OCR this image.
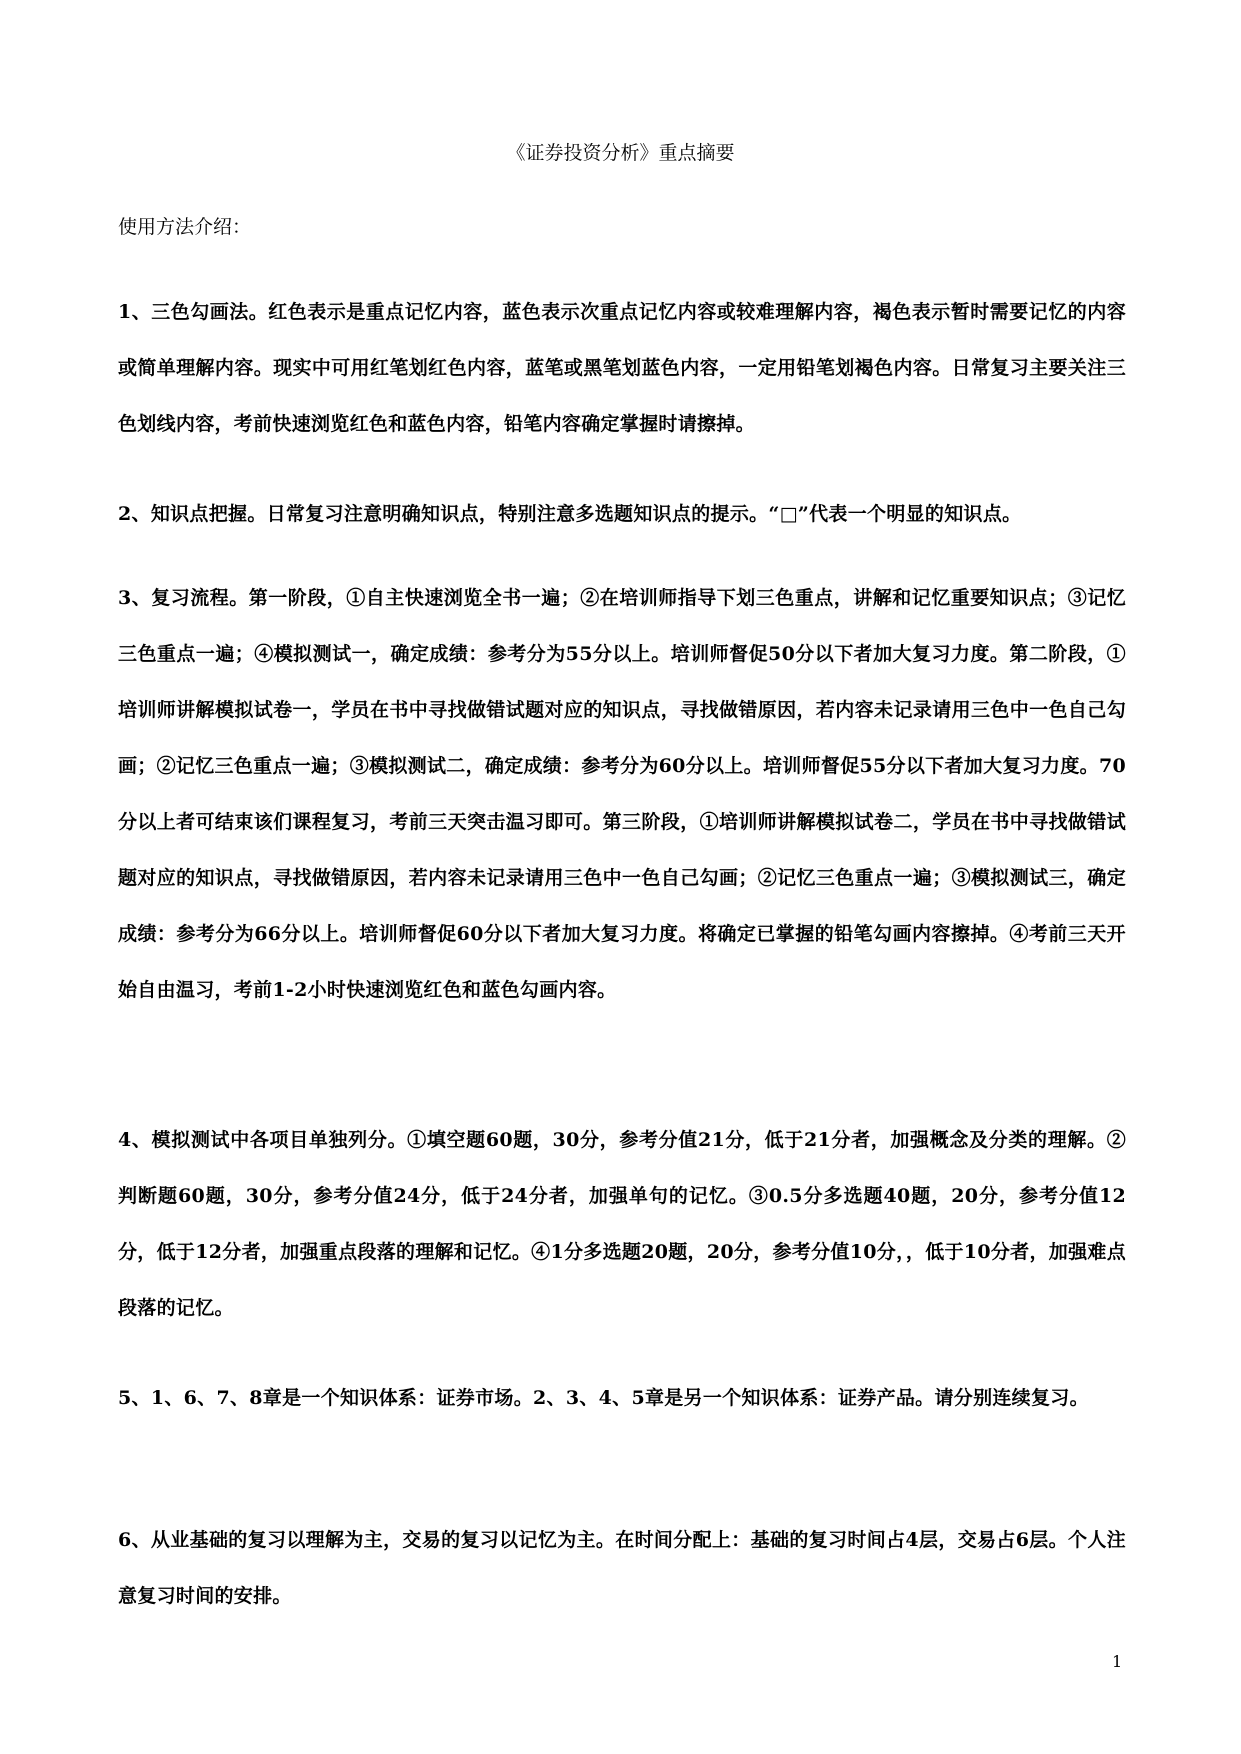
《证券投资分析》重点摘要
使用方法介绍：
1、三色勾画法。红色表示是重点记忆内容，蓝色表示次重点记忆内容或较难理解内容，褐色表示暂时需要记忆的内容或简单理解内容。现实中可用红笔划红色内容，蓝笔或黑笔划蓝色内容，一定用铅笔划褐色内容。日常复习主要关注三色划线内容，考前快速浏览红色和蓝色内容，铅笔内容确定掌握时请擦掉。
2、知识点把握。日常复习注意明确知识点，特别注意多选题知识点的提示。“□”代表一个明显的知识点。
3、复习流程。第一阶段，①自主快速浏览全书一遍；②在培训师指导下划三色重点，讲解和记忆重要知识点；③记忆三色重点一遍；④模拟测试一，确定成绩：参考分为55分以上。培训师督促50分以下者加大复习力度。第二阶段，①培训师讲解模拟试卷一，学员在书中寻找做错试题对应的知识点，寻找做错原因，若内容未记录请用三色中一色自己勾画；②记忆三色重点一遍；③模拟测试二，确定成绩：参考分为60分以上。培训师督促55分以下者加大复习力度。70分以上者可结束该们课程复习，考前三天突击温习即可。第三阶段，①培训师讲解模拟试卷二，学员在书中寻找做错试题对应的知识点，寻找做错原因，若内容未记录请用三色中一色自己勾画；②记忆三色重点一遍；③模拟测试三，确定成绩：参考分为66分以上。培训师督促60分以下者加大复习力度。将确定已掌握的铅笔勾画内容擦掉。④考前三天开始自由温习，考前1-2小时快速浏览红色和蓝色勾画内容。
4、模拟测试中各项目单独列分。①填空题60题，30分，参考分值21分，低于21分者，加强概念及分类的理解。②判断题60题，30分，参考分值24分，低于24分者，加强单句的记忆。③0.5分多选题40题，20分，参考分值12分，低于12分者，加强重点段落的理解和记忆。④1分多选题20题，20分，参考分值10分，，低于10分者，加强难点段落的记忆。
5、1、6、7、8章是一个知识体系：证券市场。2、3、4、5章是另一个知识体系：证券产品。请分别连续复习。
6、从业基础的复习以理解为主，交易的复习以记忆为主。在时间分配上：基础的复习时间占4层，交易占6层。个人注意复习时间的安排。
1
